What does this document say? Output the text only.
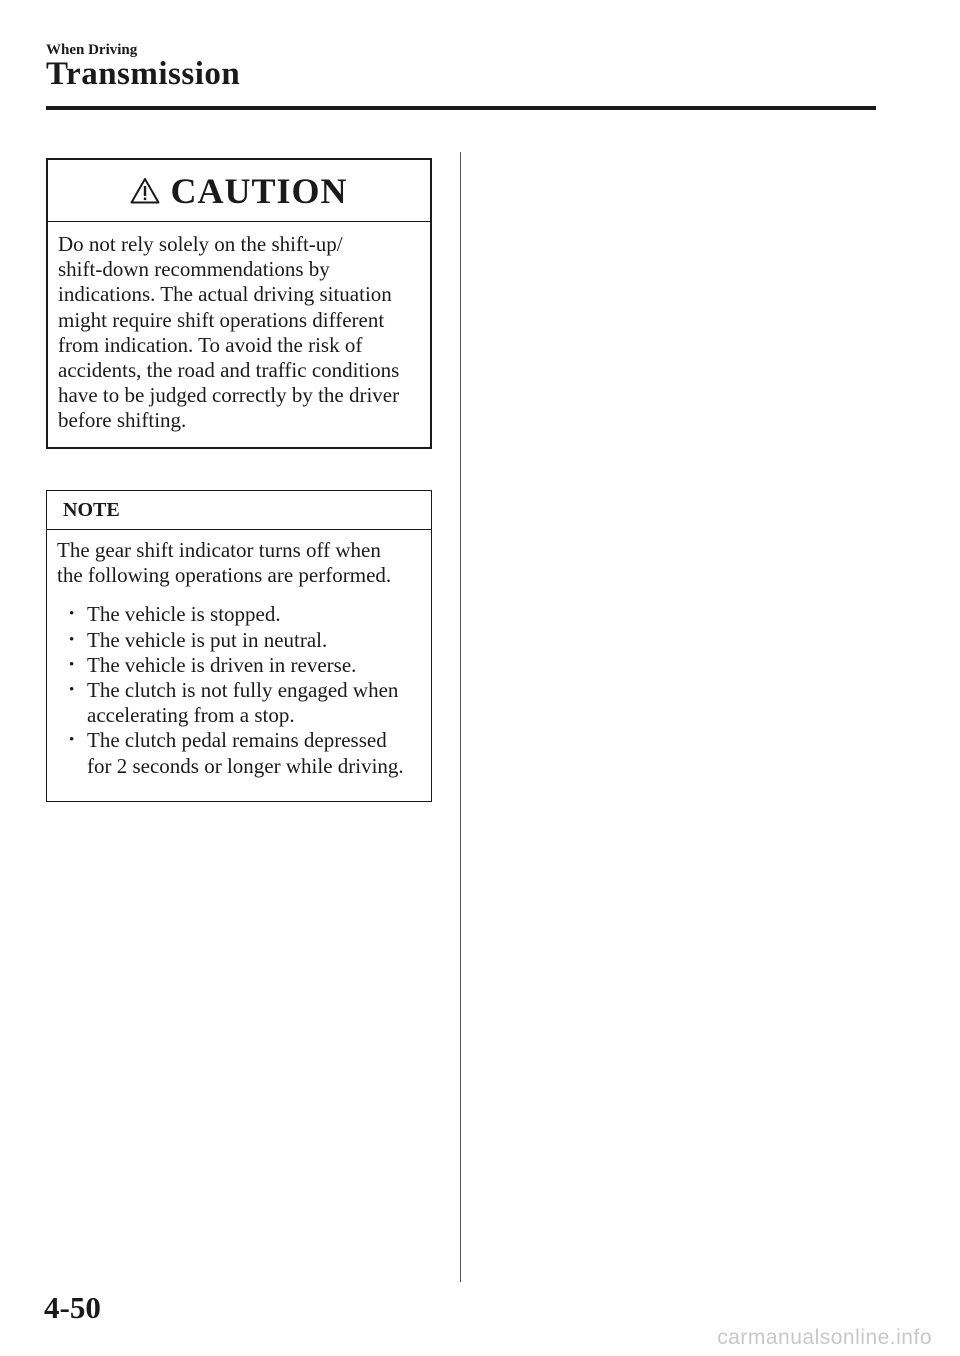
When Driving
Transmission
CAUTION
Do not rely solely on the shift-up/
shift-down recommendations by
indications. The actual driving situation
might require shift operations different
from indication. To avoid the risk of
accidents, the road and traffic conditions
have to be judged correctly by the driver
before shifting.
NOTE

The gear shift indicator turns off when
the following operations are performed.

• The vehicle is stopped.
• The vehicle is put in neutral.
• The vehicle is driven in reverse.
• The clutch is not fully engaged when
accelerating from a stop.
• The clutch pedal remains depressed
for 2 seconds or longer while driving.
4-50
carmanualsonline.info
